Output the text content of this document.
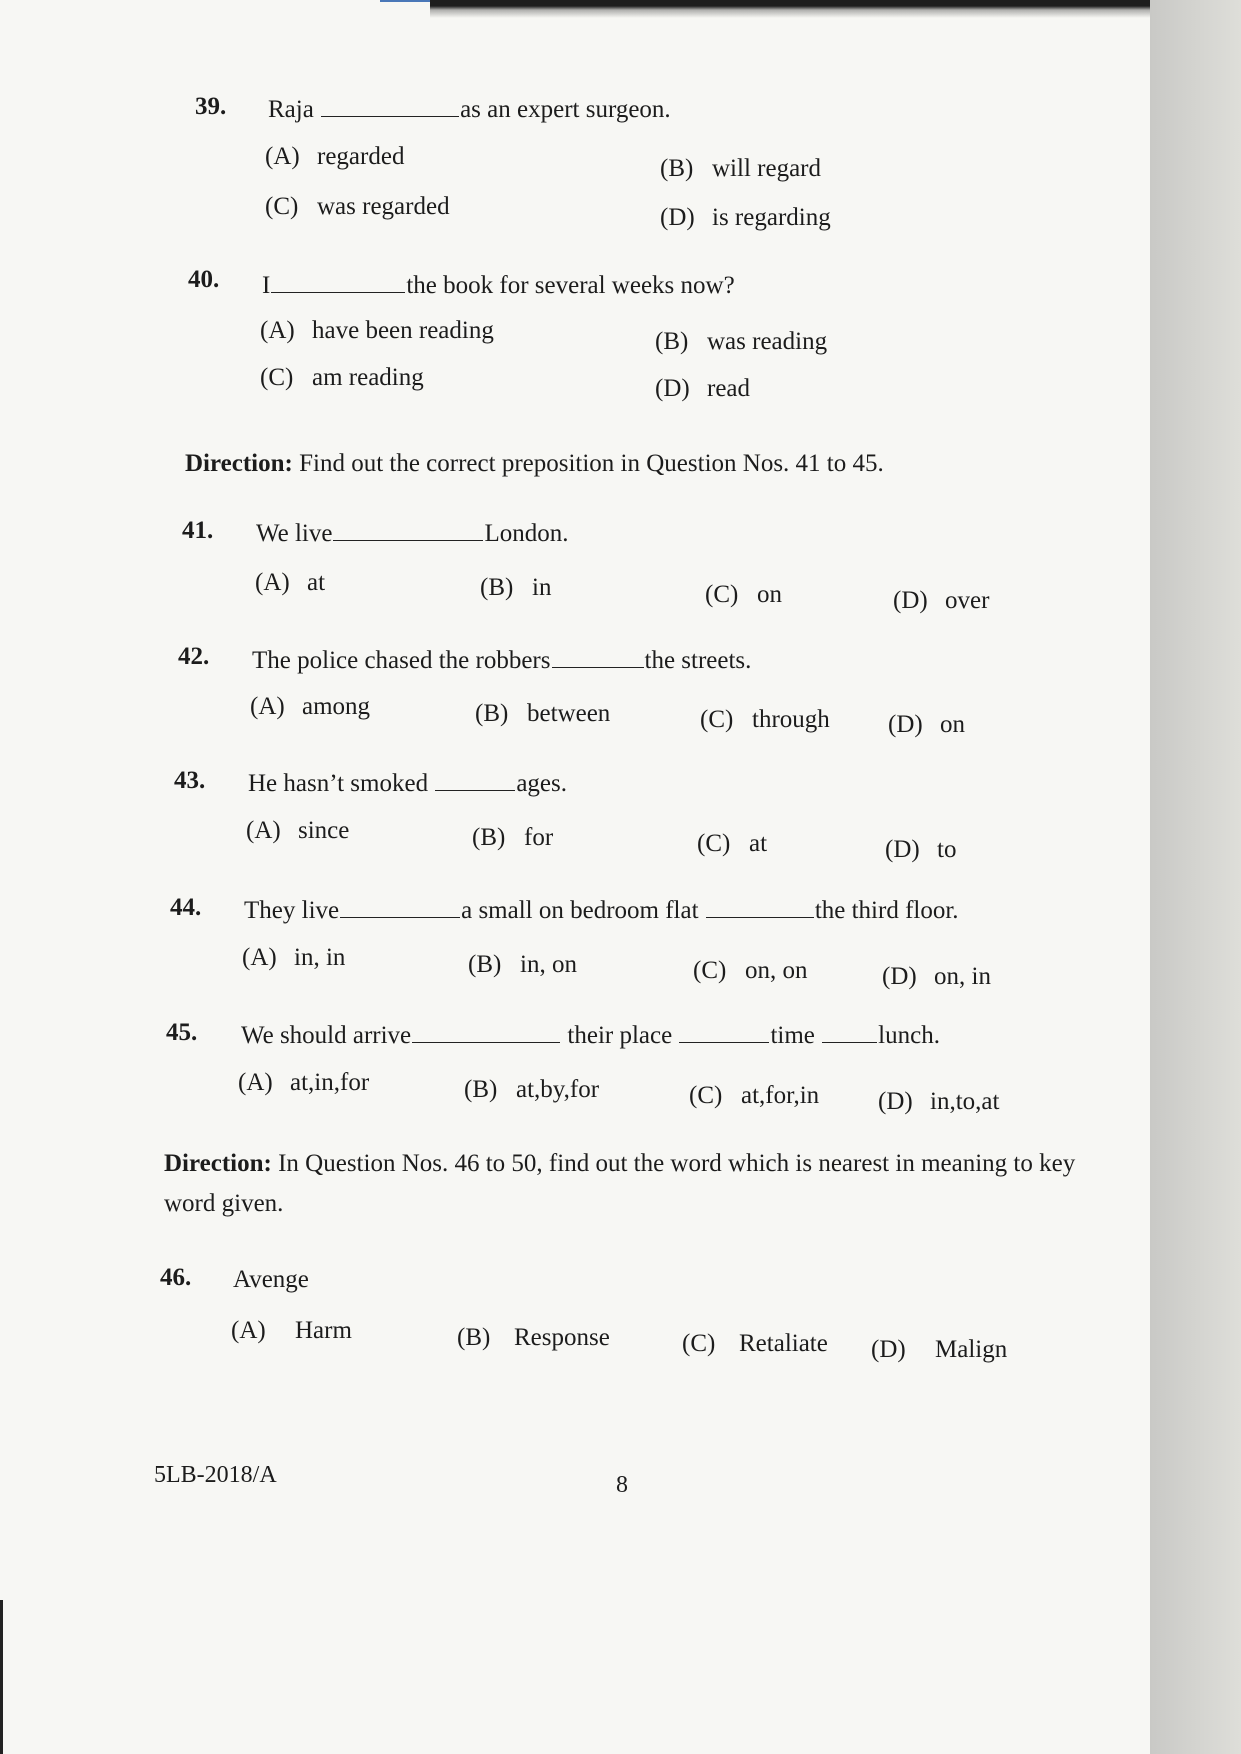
39. Raja	as an expert surgeon.
(A) regarded	(B) will regard
(C) was regarded	(D) is regarding
40. I	the book for several weeks now?
(A) have been reading	(B) was reading
(C) am reading	(D) read
Direction: Find out the correct preposition in Question Nos. 41 to 45.
41. We live	London.
(A) at	(B) in	(C) on	(D) over
42. The police chased the robbers	the streets.
(A) among	(B) between	(C) through (D) on
43. He hasn’t smoked	ages.
(A) since	(B) for	(C) at	(D) to
44. They live	a small on bedroom flat	the third floor.
(A) in, in	(B) in, on	(C) on, on	(D) on, in
45. We should arrive	their place	time	lunch.
(A) at,in,for	(B) at,by,for	(C) at,for,in (D) in,to,at
Direction: In Question Nos. 46 to 50, find out the word which is nearest in meaning to key word given.
46. Avenge
(A) Harm	(B) Response	(C) Retaliate (D) Malign
5LB-2018/A	8
